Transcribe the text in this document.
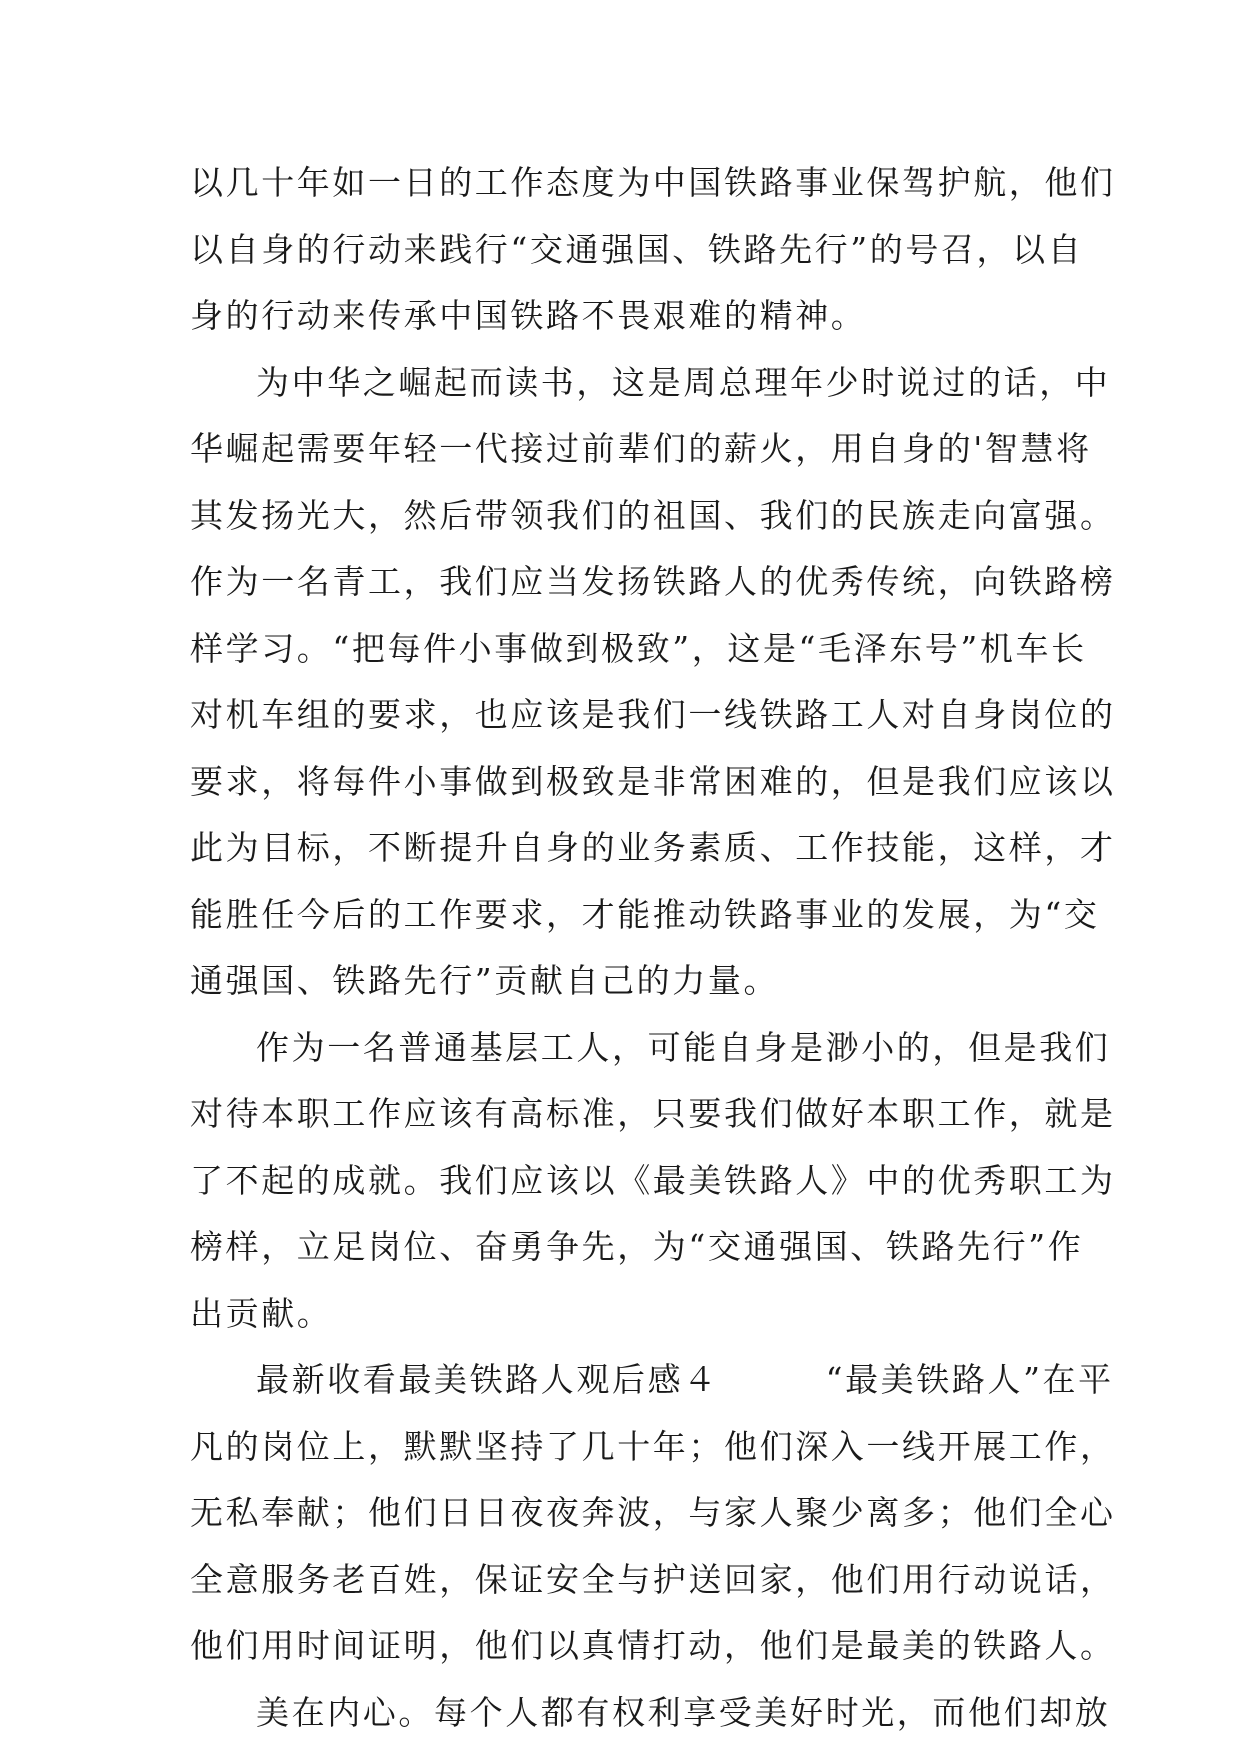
以几十年如一日的工作态度为中国铁路事业保驾护航，他们
以自身的行动来践行“交通强国、铁路先行”的号召，以自
身的行动来传承中国铁路不畏艰难的精神。
为中华之崛起而读书，这是周总理年少时说过的话，中
华崛起需要年轻一代接过前辈们的薪火，用自身的'智慧将
其发扬光大，然后带领我们的祖国、我们的民族走向富强。
作为一名青工，我们应当发扬铁路人的优秀传统，向铁路榜
样学习。“把每件小事做到极致”，这是“毛泽东号”机车长
对机车组的要求，也应该是我们一线铁路工人对自身岗位的
要求，将每件小事做到极致是非常困难的，但是我们应该以
此为目标，不断提升自身的业务素质、工作技能，这样，才
能胜任今后的工作要求，才能推动铁路事业的发展，为“交
通强国、铁路先行”贡献自己的力量。
作为一名普通基层工人，可能自身是渺小的，但是我们
对待本职工作应该有高标准，只要我们做好本职工作，就是
了不起的成就。我们应该以《最美铁路人》中的优秀职工为
榜样，立足岗位、奋勇争先，为“交通强国、铁路先行”作
出贡献。
最新收看最美铁路人观后感４　　　“最美铁路人”在平
凡的岗位上，默默坚持了几十年；他们深入一线开展工作，
无私奉献；他们日日夜夜奔波，与家人聚少离多；他们全心
全意服务老百姓，保证安全与护送回家，他们用行动说话，
他们用时间证明，他们以真情打动，他们是最美的铁路人。
美在内心。每个人都有权利享受美好时光，而他们却放
